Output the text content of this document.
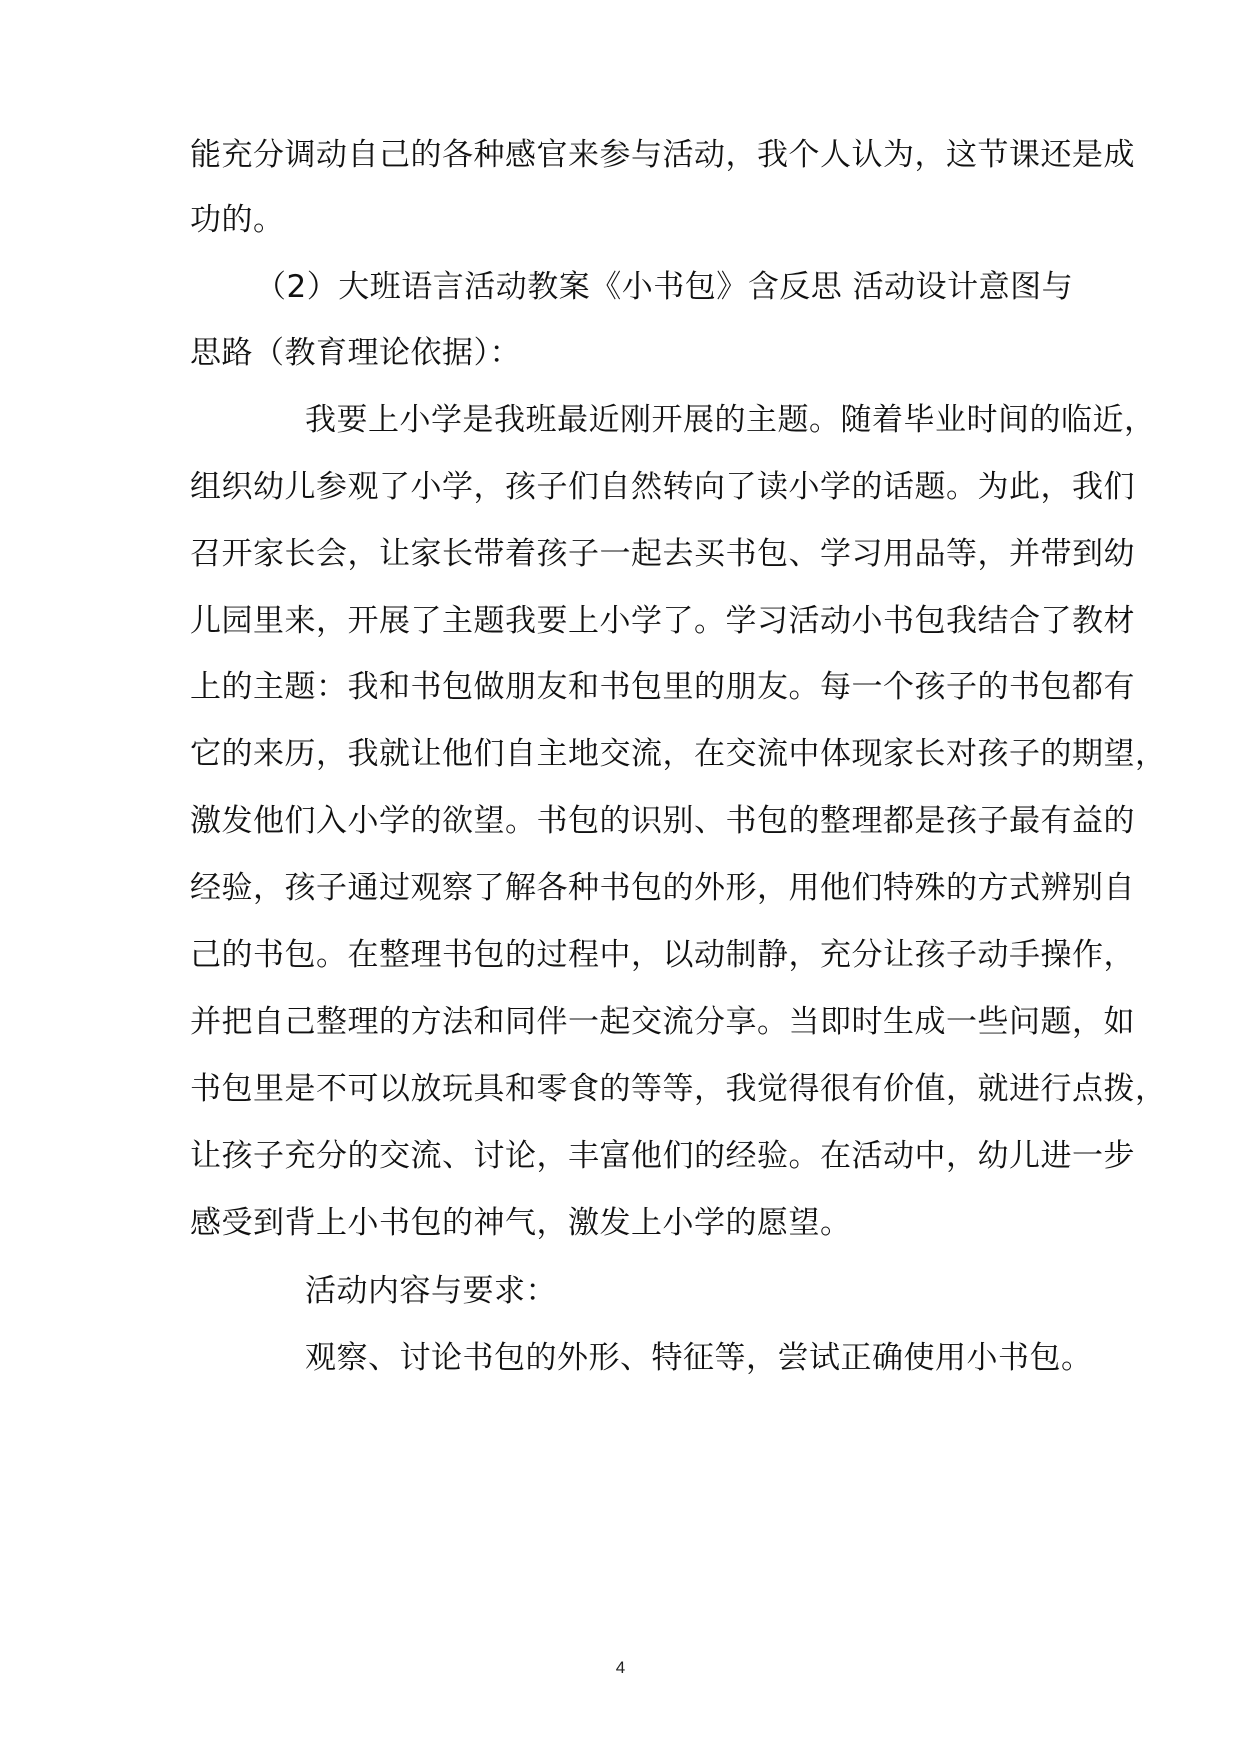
能充分调动自己的各种感官来参与活动，我个人认为，这节课还是成
功的。
（2）大班语言活动教案《小书包》含反思 活动设计意图与
思路（教育理论依据）：
我要上小学是我班最近刚开展的主题。随着毕业时间的临近，
组织幼儿参观了小学，孩子们自然转向了读小学的话题。为此，我们
召开家长会，让家长带着孩子一起去买书包、学习用品等，并带到幼
儿园里来，开展了主题我要上小学了。学习活动小书包我结合了教材
上的主题：我和书包做朋友和书包里的朋友。每一个孩子的书包都有
它的来历，我就让他们自主地交流，在交流中体现家长对孩子的期望，
激发他们入小学的欲望。书包的识别、书包的整理都是孩子最有益的
经验，孩子通过观察了解各种书包的外形，用他们特殊的方式辨别自
己的书包。在整理书包的过程中，以动制静，充分让孩子动手操作，
并把自己整理的方法和同伴一起交流分享。当即时生成一些问题，如
书包里是不可以放玩具和零食的等等，我觉得很有价值，就进行点拨，
让孩子充分的交流、讨论，丰富他们的经验。在活动中，幼儿进一步
感受到背上小书包的神气，激发上小学的愿望。
活动内容与要求：
观察、讨论书包的外形、特征等，尝试正确使用小书包。
4
